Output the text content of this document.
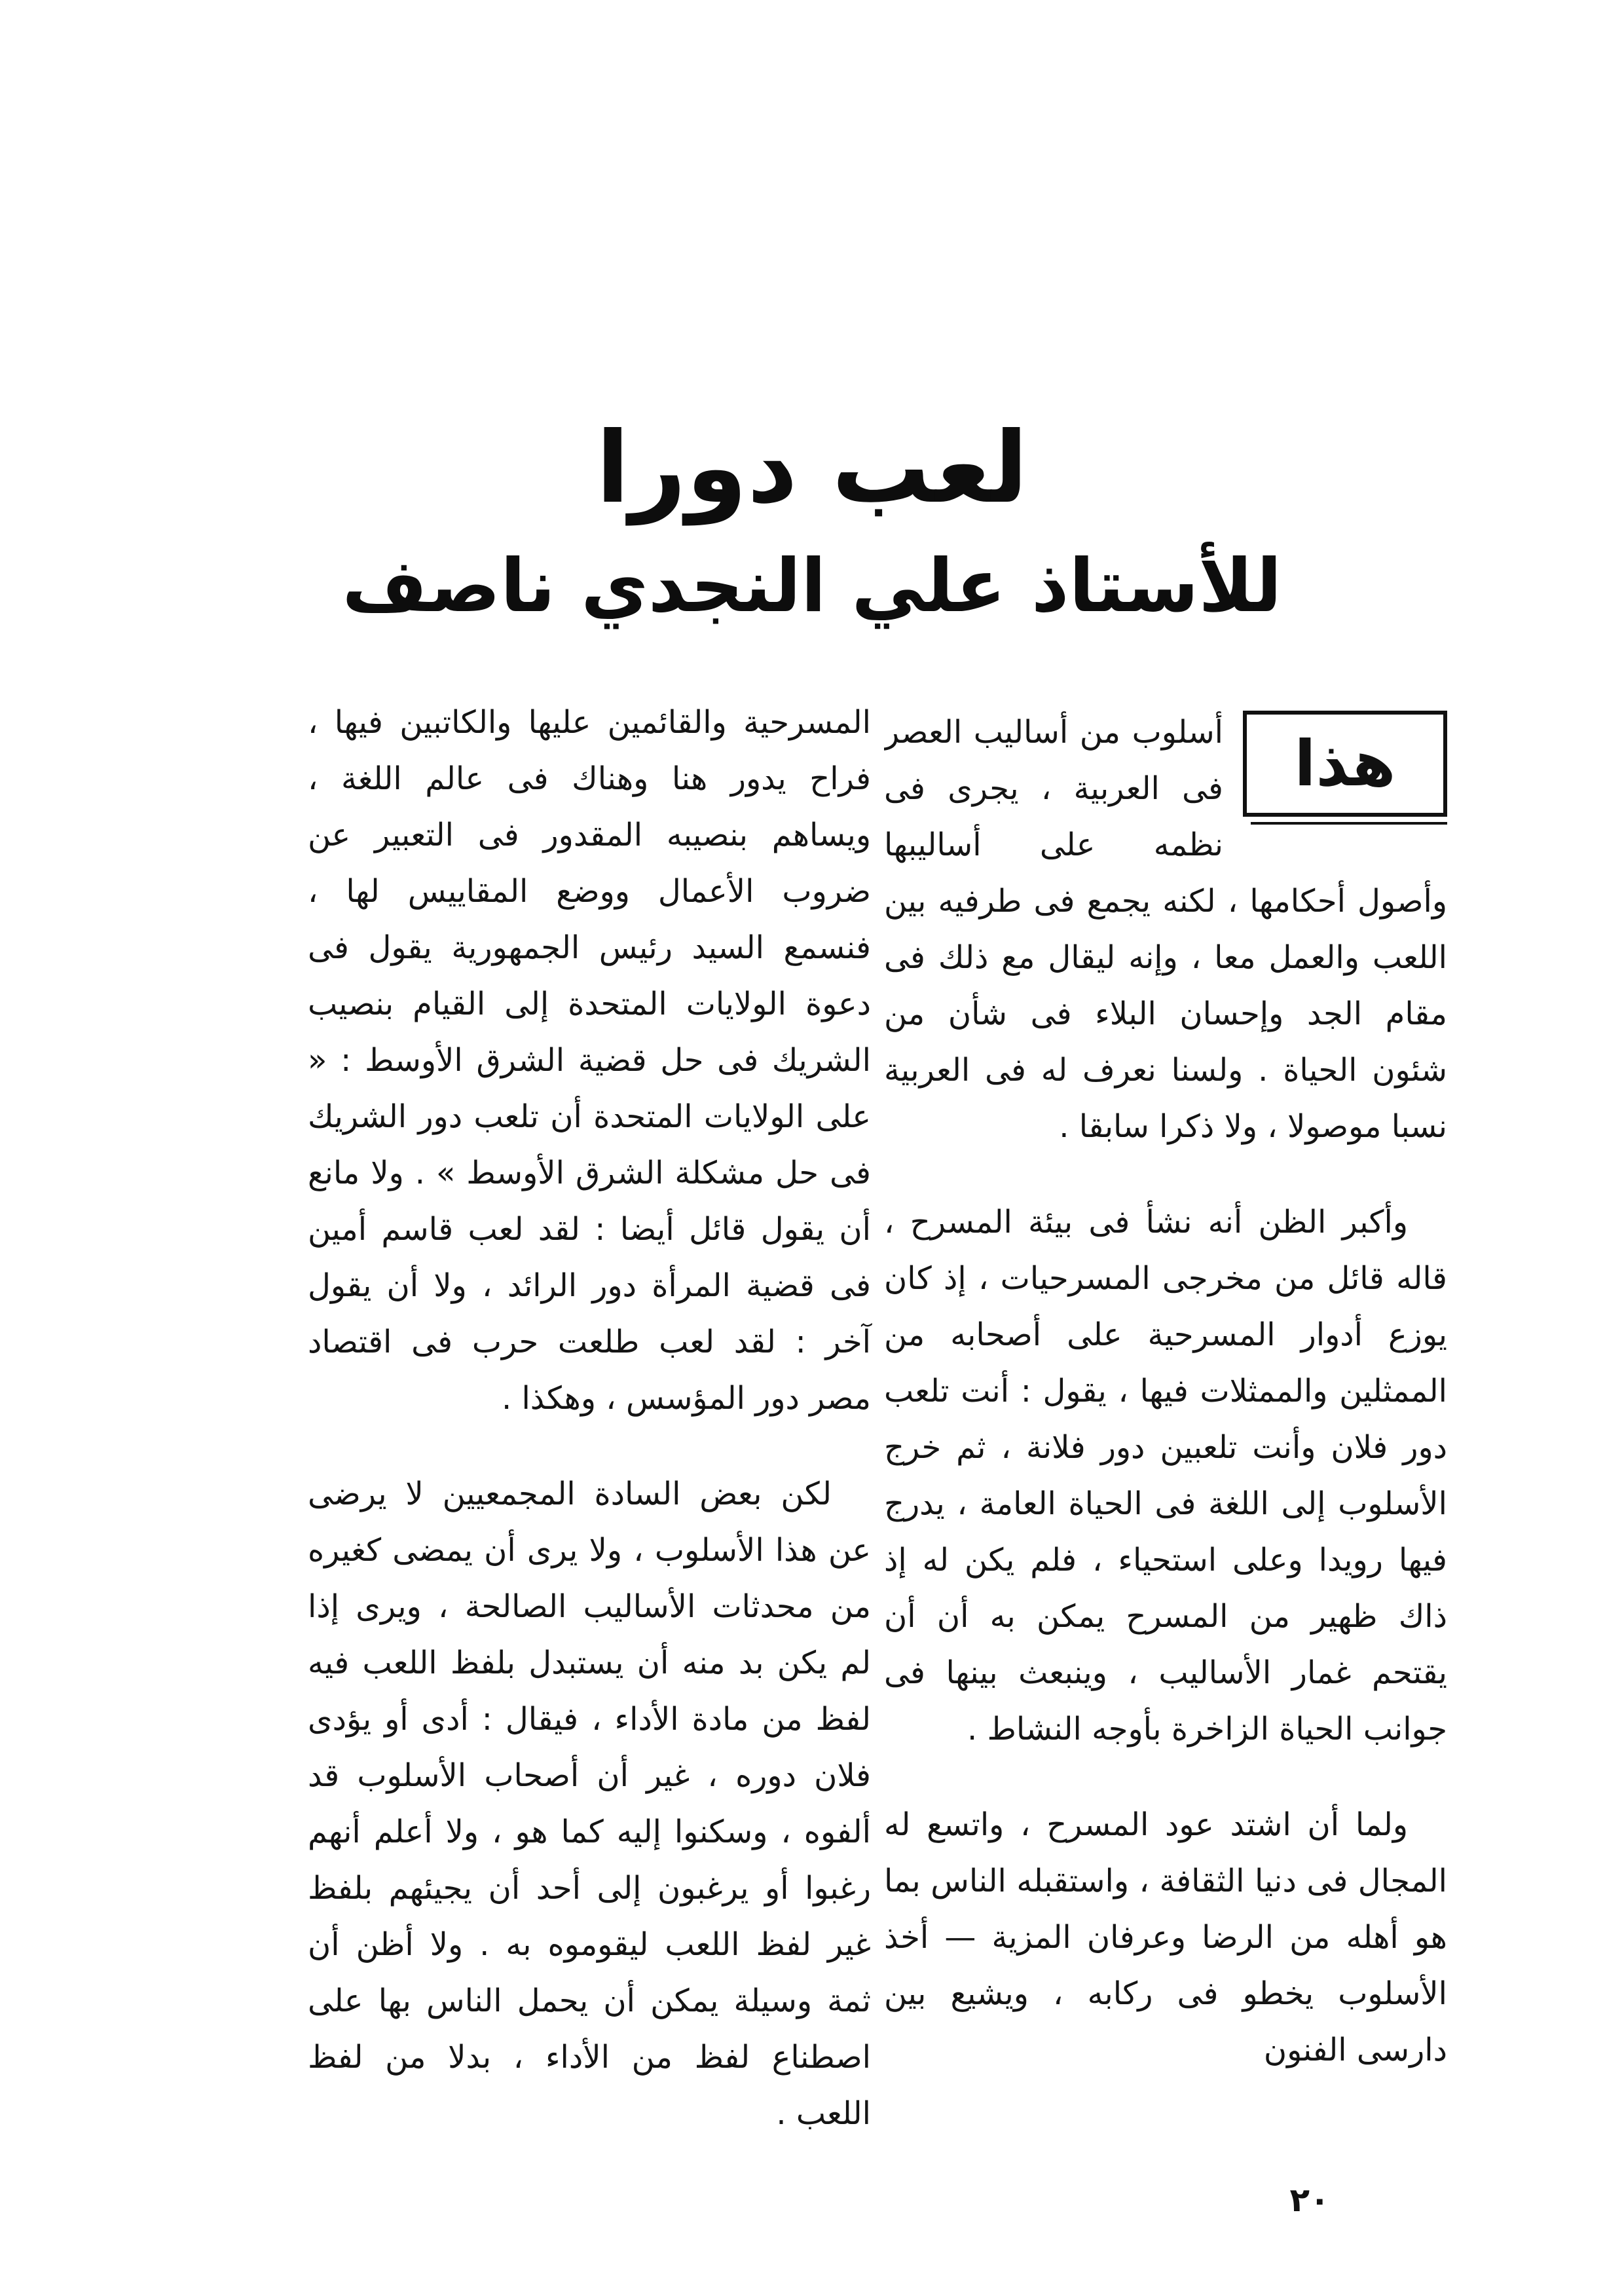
لعب دورا
للأستاذ علي النجدي ناصف
هذا

أسلوب من أساليب العصر فى العربية ، يجرى فى نظمه على أساليبها وأصول أحكامها ، لكنه يجمع فى طرفيه بين اللعب والعمل معا ، وإنه ليقال مع ذلك فى مقام الجد وإحسان البلاء فى شأن من شئون الحياة . ولسنا نعرف له فى العربية نسبا موصولا ، ولا ذكرا سابقا .

وأكبر الظن أنه نشأ فى بيئة المسرح ، قاله قائل من مخرجى المسرحيات ، إذ كان يوزع أدوار المسرحية على أصحابه من الممثلين والممثلات فيها ، يقول : أنت تلعب دور فلان وأنت تلعبين دور فلانة ، ثم خرج الأسلوب إلى اللغة فى الحياة العامة ، يدرج فيها رويدا وعلى استحياء ، فلم يكن له إذ ذاك ظهير من المسرح يمكن به أن أن يقتحم غمار الأساليب ، وينبعث بينها فى جوانب الحياة الزاخرة بأوجه النشاط .

ولما أن اشتد عود المسرح ، واتسع له المجال فى دنيا الثقافة ، واستقبله الناس بما هو أهله من الرضا وعرفان المزية — أخذ الأسلوب يخطو فى ركابه ، ويشيع بين دارسى الفنون

المسرحية والقائمين عليها والكاتبين فيها ، فراح يدور هنا وهناك فى عالم اللغة ، ويساهم بنصيبه المقدور فى التعبير عن ضروب الأعمال ووضع المقاييس لها ، فنسمع السيد رئيس الجمهورية يقول فى دعوة الولايات المتحدة إلى القيام بنصيب الشريك فى حل قضية الشرق الأوسط : « على الولايات المتحدة أن تلعب دور الشريك فى حل مشكلة الشرق الأوسط » . ولا مانع أن يقول قائل أيضا : لقد لعب قاسم أمين فى قضية المرأة دور الرائد ، ولا أن يقول آخر : لقد لعب طلعت حرب فى اقتصاد مصر دور المؤسس ، وهكذا .

لكن بعض السادة المجمعيين لا يرضى عن هذا الأسلوب ، ولا يرى أن يمضى كغيره من محدثات الأساليب الصالحة ، ويرى إذا لم يكن بد منه أن يستبدل بلفظ اللعب فيه لفظ من مادة الأداء ، فيقال : أدى أو يؤدى فلان دوره ، غير أن أصحاب الأسلوب قد ألفوه ، وسكنوا إليه كما هو ، ولا أعلم أنهم رغبوا أو يرغبون إلى أحد أن يجيئهم بلفظ غير لفظ اللعب ليقوموه به . ولا أظن أن ثمة وسيلة يمكن أن يحمل الناس بها على اصطناع لفظ من الأداء ، بدلا من لفظ اللعب .

٢٠
